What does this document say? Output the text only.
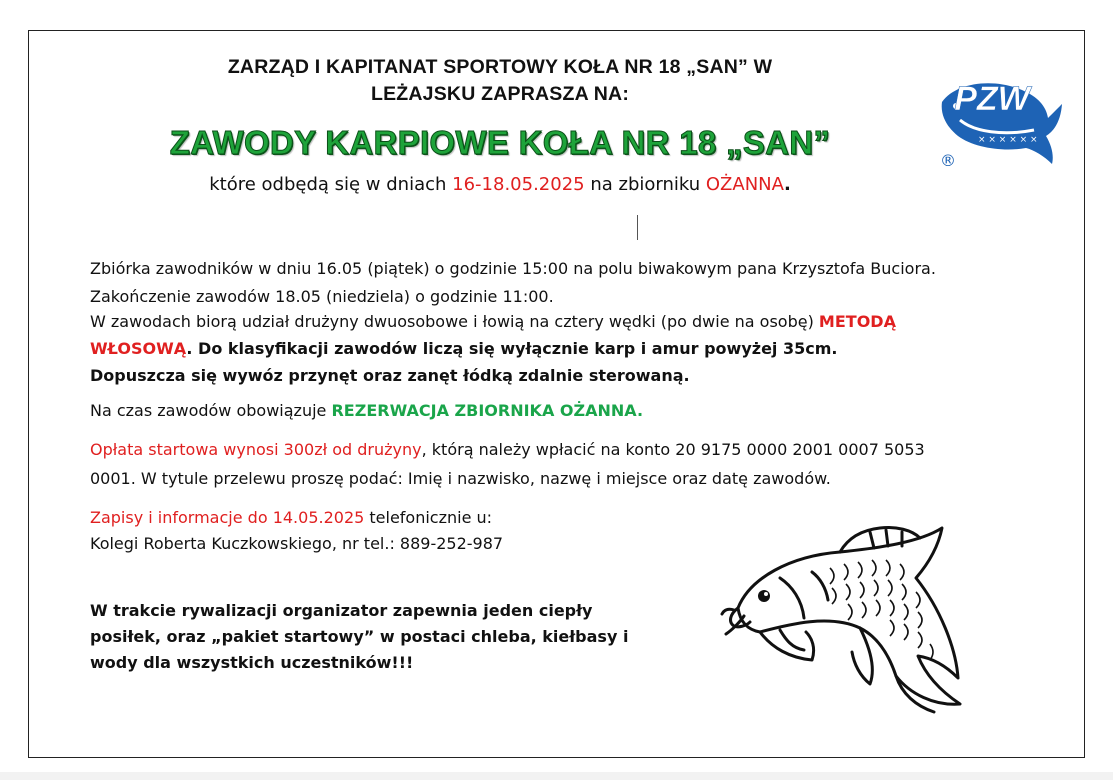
ZARZĄD I KAPITANAT SPORTOWY KOŁA NR 18 „SAN” W
LEŻAJSKU ZAPRASZA NA:
ZAWODY KARPIOWE KOŁA NR 18 „SAN”
które odbędą się w dniach 16-18.05.2025 na zbiorniku OŻANNA.
PZW
× × × × × ×
®
Zbiórka zawodników w dniu 16.05 (piątek) o godzinie 15:00 na polu biwakowym pana Krzysztofa Buciora.
Zakończenie zawodów 18.05 (niedziela) o godzinie 11:00.
W zawodach biorą udział drużyny dwuosobowe i łowią na cztery wędki (po dwie na osobę) METODĄ
WŁOSOWĄ. Do klasyfikacji zawodów liczą się wyłącznie karp i amur powyżej 35cm.
Dopuszcza się wywóz przynęt oraz zanęt łódką zdalnie sterowaną.
Na czas zawodów obowiązuje REZERWACJA ZBIORNIKA OŻANNA.
Opłata startowa wynosi 300zł od drużyny, którą należy wpłacić na konto 20 9175 0000 2001 0007 5053
0001. W tytule przelewu proszę podać: Imię i nazwisko, nazwę i miejsce oraz datę zawodów.
Zapisy i informacje do 14.05.2025 telefonicznie u:
Kolegi Roberta Kuczkowskiego, nr tel.: 889-252-987
W trakcie rywalizacji organizator zapewnia jeden ciepły
posiłek, oraz „pakiet startowy” w postaci chleba, kiełbasy i
wody dla wszystkich uczestników!!!
